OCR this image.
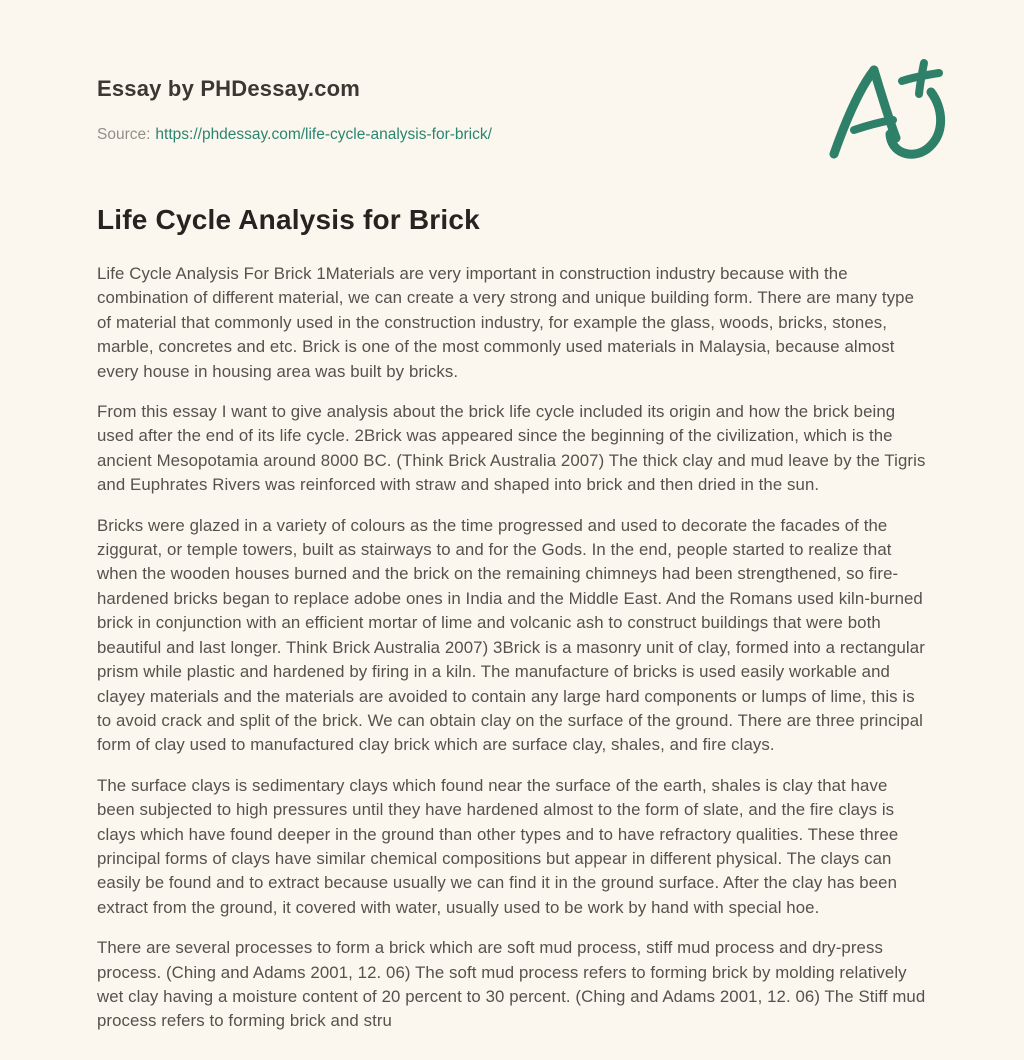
Essay by PHDessay.com
Source: https://phdessay.com/life-cycle-analysis-for-brick/
Life Cycle Analysis for Brick

Life Cycle Analysis For Brick 1Materials are very important in construction industry because with the combination of different material, we can create a very strong and unique building form. There are many type of material that commonly used in the construction industry, for example the glass, woods, bricks, stones, marble, concretes and etc. Brick is one of the most commonly used materials in Malaysia, because almost every house in housing area was built by bricks.

From this essay I want to give analysis about the brick life cycle included its origin and how the brick being used after the end of its life cycle. 2Brick was appeared since the beginning of the civilization, which is the ancient Mesopotamia around 8000 BC. (Think Brick Australia 2007) The thick clay and mud leave by the Tigris and Euphrates Rivers was reinforced with straw and shaped into brick and then dried in the sun.

Bricks were glazed in a variety of colours as the time progressed and used to decorate the facades of the ziggurat, or temple towers, built as stairways to and for the Gods. In the end, people started to realize that when the wooden houses burned and the brick on the remaining chimneys had been strengthened, so fire-hardened bricks began to replace adobe ones in India and the Middle East. And the Romans used kiln-burned brick in conjunction with an efficient mortar of lime and volcanic ash to construct buildings that were both beautiful and last longer. Think Brick Australia 2007) 3Brick is a masonry unit of clay, formed into a rectangular prism while plastic and hardened by firing in a kiln. The manufacture of bricks is used easily workable and clayey materials and the materials are avoided to contain any large hard components or lumps of lime, this is to avoid crack and split of the brick. We can obtain clay on the surface of the ground. There are three principal form of clay used to manufactured clay brick which are surface clay, shales, and fire clays.

The surface clays is sedimentary clays which found near the surface of the earth, shales is clay that have been subjected to high pressures until they have hardened almost to the form of slate, and the fire clays is clays which have found deeper in the ground than other types and to have refractory qualities. These three principal forms of clays have similar chemical compositions but appear in different physical. The clays can easily be found and to extract because usually we can find it in the ground surface. After the clay has been extract from the ground, it covered with water, usually used to be work by hand with special hoe.

There are several processes to form a brick which are soft mud process, stiff mud process and dry-press process. (Ching and Adams 2001, 12. 06) The soft mud process refers to forming brick by molding relatively wet clay having a moisture content of 20 percent to 30 percent. (Ching and Adams 2001, 12. 06) The Stiff mud process refers to forming brick and stru
